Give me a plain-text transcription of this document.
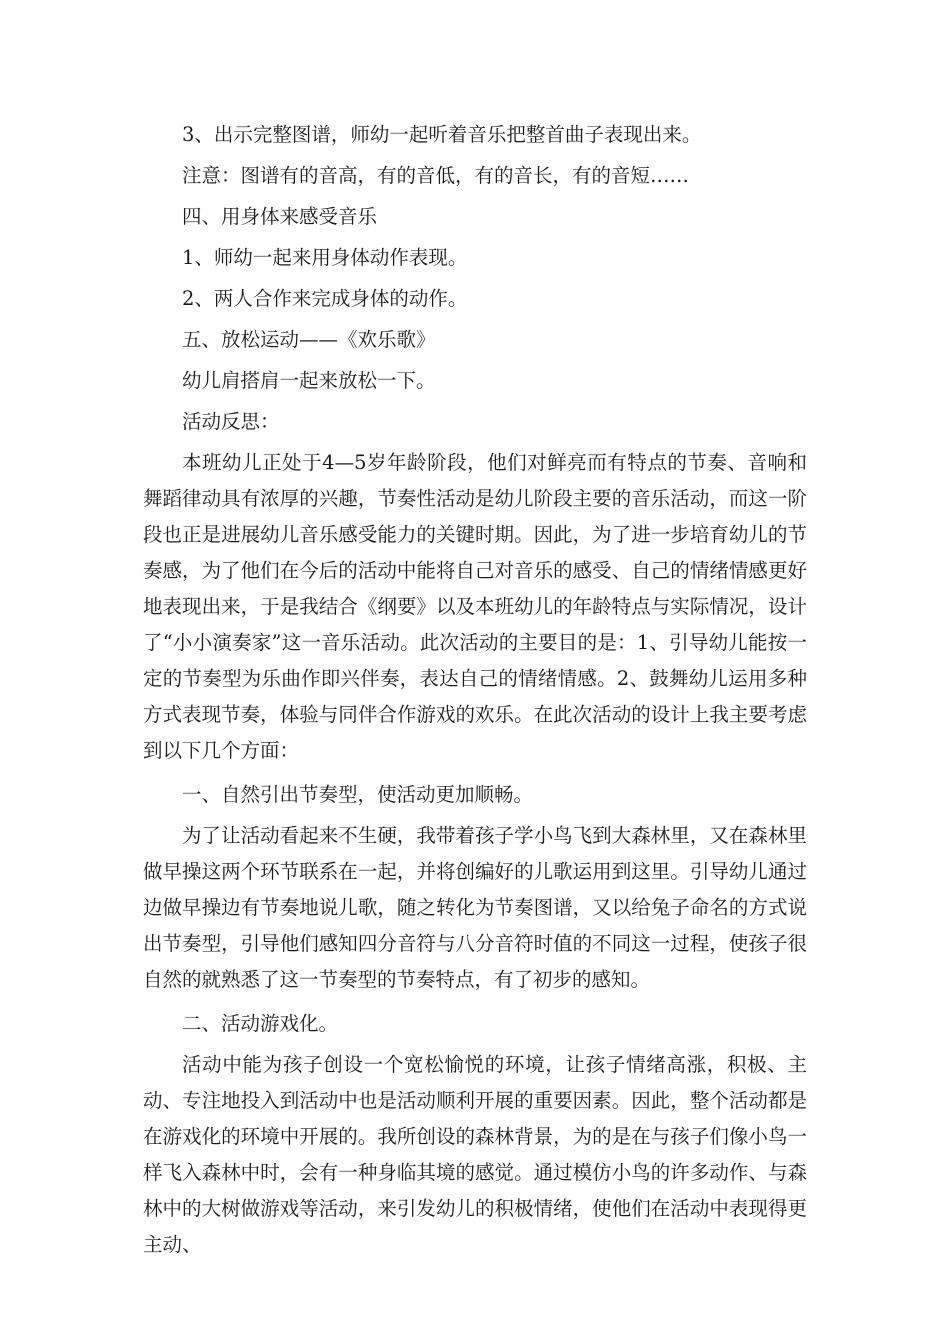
3、出示完整图谱，师幼一起听着音乐把整首曲子表现出来。

注意：图谱有的音高，有的音低，有的音长，有的音短……

四、用身体来感受音乐

1、师幼一起来用身体动作表现。

2、两人合作来完成身体的动作。

五、放松运动——《欢乐歌》

幼儿肩搭肩一起来放松一下。

活动反思：

本班幼儿正处于4—5岁年龄阶段，他们对鲜亮而有特点的节奏、音响和舞蹈律动具有浓厚的兴趣，节奏性活动是幼儿阶段主要的音乐活动，而这一阶段也正是进展幼儿音乐感受能力的关键时期。因此，为了进一步培育幼儿的节奏感，为了他们在今后的活动中能将自己对音乐的感受、自己的情绪情感更好地表现出来，于是我结合《纲要》以及本班幼儿的年龄特点与实际情况，设计了“小小演奏家”这一音乐活动。此次活动的主要目的是：1、引导幼儿能按一定的节奏型为乐曲作即兴伴奏，表达自己的情绪情感。2、鼓舞幼儿运用多种方式表现节奏，体验与同伴合作游戏的欢乐。在此次活动的设计上我主要考虑到以下几个方面：

一、自然引出节奏型，使活动更加顺畅。

为了让活动看起来不生硬，我带着孩子学小鸟飞到大森林里，又在森林里做早操这两个环节联系在一起，并将创编好的儿歌运用到这里。引导幼儿通过边做早操边有节奏地说儿歌，随之转化为节奏图谱，又以给兔子命名的方式说出节奏型，引导他们感知四分音符与八分音符时值的不同这一过程，使孩子很自然的就熟悉了这一节奏型的节奏特点，有了初步的感知。

二、活动游戏化。

活动中能为孩子创设一个宽松愉悦的环境，让孩子情绪高涨，积极、主动、专注地投入到活动中也是活动顺利开展的重要因素。因此，整个活动都是在游戏化的环境中开展的。我所创设的森林背景，为的是在与孩子们像小鸟一样飞入森林中时，会有一种身临其境的感觉。通过模仿小鸟的许多动作、与森林中的大树做游戏等活动，来引发幼儿的积极情绪，使他们在活动中表现得更主动、
